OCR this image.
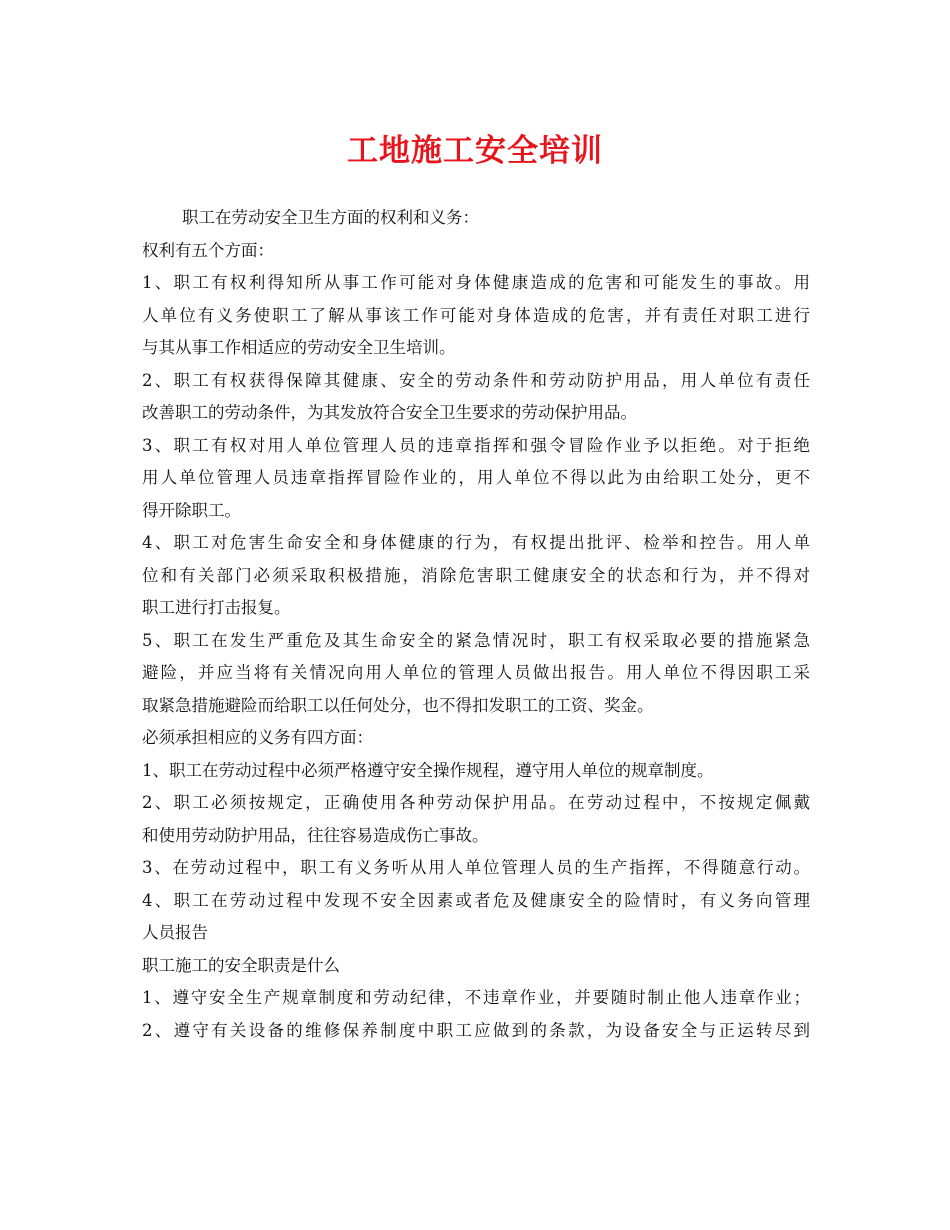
工地施工安全培训
职工在劳动安全卫生方面的权利和义务：
权利有五个方面：
1、职工有权利得知所从事工作可能对身体健康造成的危害和可能发生的事故。用
人单位有义务使职工了解从事该工作可能对身体造成的危害，并有责任对职工进行
与其从事工作相适应的劳动安全卫生培训。
2、职工有权获得保障其健康、安全的劳动条件和劳动防护用品，用人单位有责任
改善职工的劳动条件，为其发放符合安全卫生要求的劳动保护用品。
3、职工有权对用人单位管理人员的违章指挥和强令冒险作业予以拒绝。对于拒绝
用人单位管理人员违章指挥冒险作业的，用人单位不得以此为由给职工处分，更不
得开除职工。
4、职工对危害生命安全和身体健康的行为，有权提出批评、检举和控告。用人单
位和有关部门必须采取积极措施，消除危害职工健康安全的状态和行为，并不得对
职工进行打击报复。
5、职工在发生严重危及其生命安全的紧急情况时，职工有权采取必要的措施紧急
避险，并应当将有关情况向用人单位的管理人员做出报告。用人单位不得因职工采
取紧急措施避险而给职工以任何处分，也不得扣发职工的工资、奖金。
必须承担相应的义务有四方面：
1、职工在劳动过程中必须严格遵守安全操作规程，遵守用人单位的规章制度。
2、职工必须按规定，正确使用各种劳动保护用品。在劳动过程中，不按规定佩戴
和使用劳动防护用品，往往容易造成伤亡事故。
3、在劳动过程中，职工有义务听从用人单位管理人员的生产指挥，不得随意行动。
4、职工在劳动过程中发现不安全因素或者危及健康安全的险情时，有义务向管理
人员报告
职工施工的安全职责是什么
1、遵守安全生产规章制度和劳动纪律，不违章作业，并要随时制止他人违章作业；
2、遵守有关设备的维修保养制度中职工应做到的条款，为设备安全与正运转尽到
